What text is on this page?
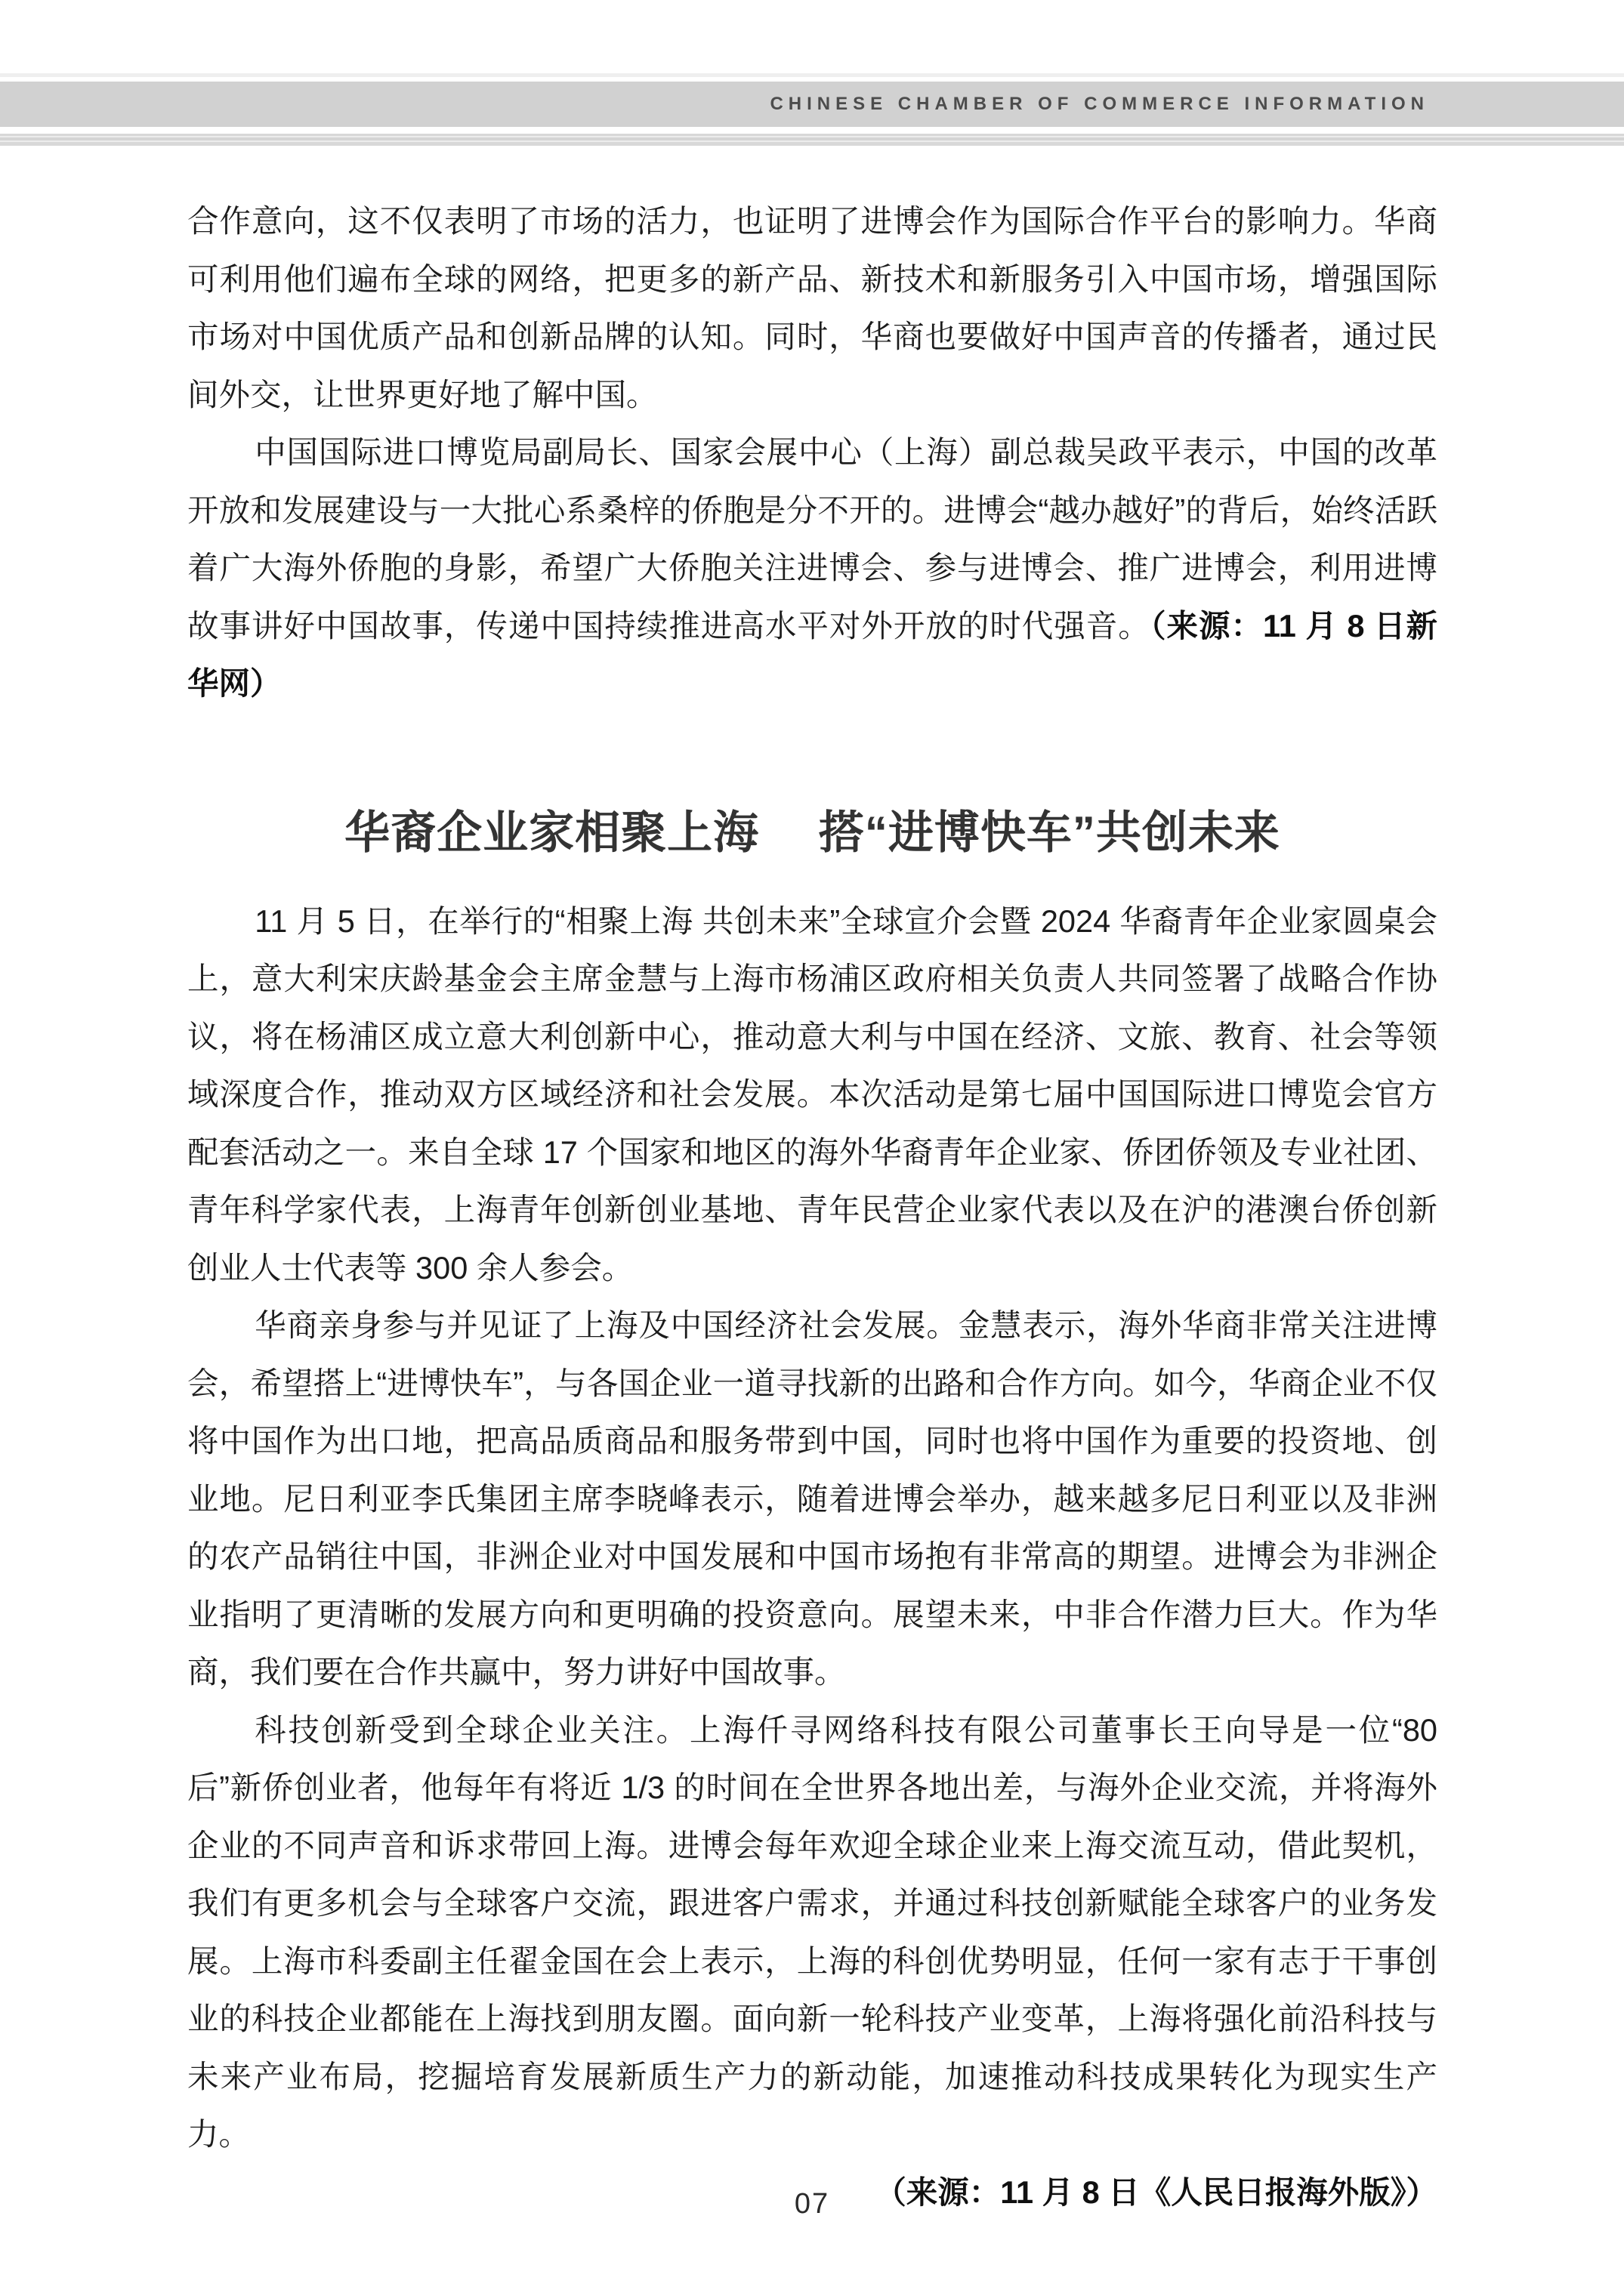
CHINESE CHAMBER OF COMMERCE INFORMATION

合作意向，这不仅表明了市场的活力，也证明了进博会作为国际合作平台的影响力。华商可利用他们遍布全球的网络，把更多的新产品、新技术和新服务引入中国市场，增强国际市场对中国优质产品和创新品牌的认知。同时，华商也要做好中国声音的传播者，通过民间外交，让世界更好地了解中国。

中国国际进口博览局副局长、国家会展中心（上海）副总裁吴政平表示，中国的改革开放和发展建设与一大批心系桑梓的侨胞是分不开的。进博会“越办越好”的背后，始终活跃着广大海外侨胞的身影，希望广大侨胞关注进博会、参与进博会、推广进博会，利用进博故事讲好中国故事，传递中国持续推进高水平对外开放的时代强音。（来源：11 月 8 日新华网）

华裔企业家相聚上海　 搭“进博快车”共创未来

11 月 5 日，在举行的“相聚上海 共创未来”全球宣介会暨 2024 华裔青年企业家圆桌会上，意大利宋庆龄基金会主席金慧与上海市杨浦区政府相关负责人共同签署了战略合作协议，将在杨浦区成立意大利创新中心，推动意大利与中国在经济、文旅、教育、社会等领域深度合作，推动双方区域经济和社会发展。本次活动是第七届中国国际进口博览会官方配套活动之一。来自全球 17 个国家和地区的海外华裔青年企业家、侨团侨领及专业社团、青年科学家代表，上海青年创新创业基地、青年民营企业家代表以及在沪的港澳台侨创新创业人士代表等 300 余人参会。

华商亲身参与并见证了上海及中国经济社会发展。金慧表示，海外华商非常关注进博会，希望搭上“进博快车”，与各国企业一道寻找新的出路和合作方向。如今，华商企业不仅将中国作为出口地，把高品质商品和服务带到中国，同时也将中国作为重要的投资地、创业地。尼日利亚李氏集团主席李晓峰表示，随着进博会举办，越来越多尼日利亚以及非洲的农产品销往中国，非洲企业对中国发展和中国市场抱有非常高的期望。进博会为非洲企业指明了更清晰的发展方向和更明确的投资意向。展望未来，中非合作潜力巨大。作为华商，我们要在合作共赢中，努力讲好中国故事。

科技创新受到全球企业关注。上海仟寻网络科技有限公司董事长王向导是一位“80 后”新侨创业者，他每年有将近 1/3 的时间在全世界各地出差，与海外企业交流，并将海外企业的不同声音和诉求带回上海。进博会每年欢迎全球企业来上海交流互动，借此契机，我们有更多机会与全球客户交流，跟进客户需求，并通过科技创新赋能全球客户的业务发展。上海市科委副主任翟金国在会上表示，上海的科创优势明显，任何一家有志于干事创业的科技企业都能在上海找到朋友圈。面向新一轮科技产业变革，上海将强化前沿科技与未来产业布局，挖掘培育发展新质生产力的新动能，加速推动科技成果转化为现实生产力。

（来源：11 月 8 日《人民日报海外版》）

07
